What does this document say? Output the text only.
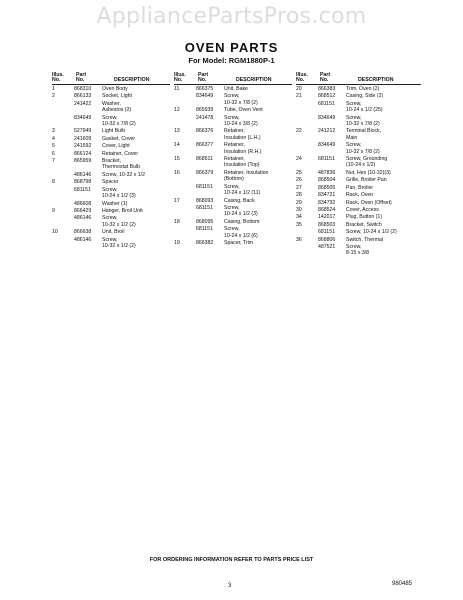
AppliancePartsPros.com
OVEN PARTS
For Model: RGM1880P-1
Illus.
No.
Part
No.	DESCRIPTION
1	868310	Oven Body
2	866133	Socket, Light
241422	Washer,
Asbestos (2)
834649	Screw,
10-32 x 7/8 (2)
3	527949	Light Bulb
4	241609	Gasket, Cover
5	241592	Cover, Light
6	866124	Retainer, Cover
7	865959	Bracket,
Thermostat Bulb
486146	Screw, 10-32 x 1/2
8	868798	Spacer
681151	Screw,
10-24 x 1/2 (3)
486608	Washer (1)
9	866429	Hanger, Broil Unit
486146	Screw,
10-32 x 1/2 (2)
10	866638	Unit, Broil
486146	Screw,
10-32 x 1/2 (2)
Illus.
No.
Part
No.	DESCRIPTION
11	866375	Unit, Bake
834649	Screw,
10-32 x 7/8 (2)
12	865939	Tube, Oven Vent
241478	Screw,
10-24 x 3/8 (2)
13	866376	Retainer,
Insulation (L.H.)
14	866377	Retainer,
Insulation (R.H.)
15	868511	Retainer,
Insulation (Top)
16	866379	Retainer, Insulation
(Bottom)
681151	Screw,
10-24 x 1/2 (11)
17	868093	Casing, Back
681151	Screw,
10-24 x 1/2 (3)
18	868095	Casing, Bottom
681151	Screw,
10-24 x 1/2 (6)
19	866382	Spacer, Trim
Illus.
No.
Part
No.	DESCRIPTION
20	866383	Trim, Oven (2)
21	868512	Casing, Side (2)
681151	Screw,
10-24 x 1/2 (25)
834649	Screw,
10-32 x 7/8 (2)
22	241212	Terminal Block,
Main
834649	Screw,
10-32 x 7/8 (2)
24	681151	Screw, Grounding
(10-24 x 1/2)
25	487836	Nut, Hex (10-32)(3)
26	868504	Grille, Broiler Pan
27	868505	Pan, Broiler
28	834721	Rack, Oven
29	834732	Rack, Oven (Offset)
30	868524	Cover, Access
34	142017	Plug, Button (1)
35	868503	Bracket, Switch
681151	Screw, 10-24 x 1/2 (2)
36	868806	Switch, Thermal
487521	Screw,
8-15 x 3/8
FOR ORDERING INFORMATION REFER TO PARTS PRICE LIST
3	980485
